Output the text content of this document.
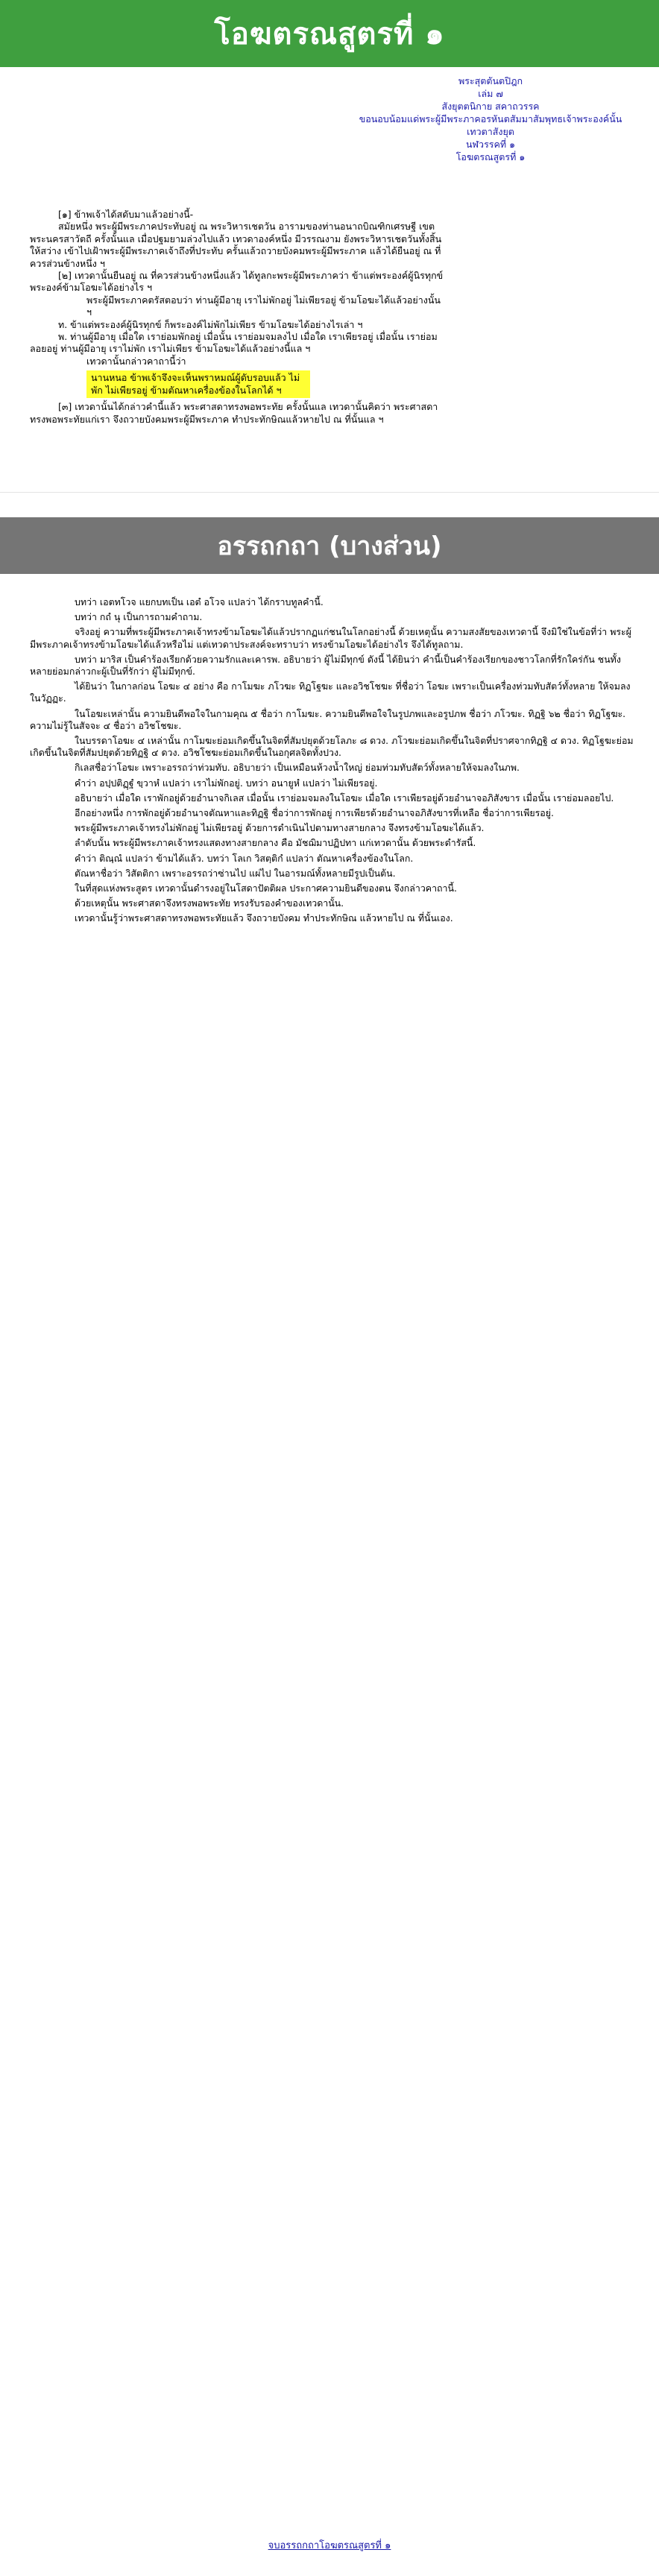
โอฆตรณสูตรที่ ๑
พระสุตตันตปิฎก
เล่ม ๗
สังยุตตนิกาย สคาถวรรค
ขอนอบน้อมแด่พระผู้มีพระภาคอรหันตสัมมาสัมพุทธเจ้าพระองค์นั้น
เทวตาสังยุต
นฬวรรคที่ ๑
โอฆตรณสูตรที่ ๑

[๑] ข้าพเจ้าได้สดับมาแล้วอย่างนี้-

สมัยหนึ่ง พระผู้มีพระภาคประทับอยู่ ณ พระวิหารเชตวัน อารามของท่านอนาถบิณฑิกเศรษฐี เขตพระนครสาวัตถี ครั้งนั้นแล เมื่อปฐมยามล่วงไปแล้ว เทวดาองค์หนึ่ง มีวรรณงาม ยังพระวิหารเชตวันทั้งสิ้นให้สว่าง เข้าไปเฝ้าพระผู้มีพระภาคเจ้าถึงที่ประทับ ครั้นแล้วถวายบังคมพระผู้มีพระภาค แล้วได้ยืนอยู่ ณ ที่ควรส่วนข้างหนึ่ง ฯ

[๒] เทวดานั้นยืนอยู่ ณ ที่ควรส่วนข้างหนึ่งแล้ว ได้ทูลกะพระผู้มีพระภาคว่า ข้าแต่พระองค์ผู้นิรทุกข์ พระองค์ข้ามโอฆะได้อย่างไร ฯ

พระผู้มีพระภาคตรัสตอบว่า ท่านผู้มีอายุ เราไม่พักอยู่ ไม่เพียรอยู่ ข้ามโอฆะได้แล้วอย่างนั้น ฯ

ท. ข้าแต่พระองค์ผู้นิรทุกข์ ก็พระองค์ไม่พักไม่เพียร ข้ามโอฆะได้อย่างไรเล่า ฯ

พ. ท่านผู้มีอายุ เมื่อใด เราย่อมพักอยู่ เมื่อนั้น เราย่อมจมลงไป เมื่อใด เราเพียรอยู่ เมื่อนั้น เราย่อมลอยอยู่ ท่านผู้มีอายุ เราไม่พัก เราไม่เพียร ข้ามโอฆะได้แล้วอย่างนี้แล ฯ

เทวดานั้นกล่าวคาถานี้ว่า

นานหนอ ข้าพเจ้าจึงจะเห็นพราหมณ์ผู้ดับรอบแล้ว ไม่พัก ไม่เพียรอยู่ ข้ามตัณหาเครื่องข้องในโลกได้ ฯ

[๓] เทวดานั้นได้กล่าวคำนี้แล้ว พระศาสดาทรงพอพระทัย ครั้งนั้นแล เทวดานั้นคิดว่า พระศาสดาทรงพอพระทัยแก่เรา จึงถวายบังคมพระผู้มีพระภาค ทำประทักษิณแล้วหายไป ณ ที่นั้นแล ฯ

อรรถกถา (บางส่วน)

บทว่า เอตทโวจ แยกบทเป็น เอตํ อโวจ แปลว่า ได้กราบทูลคำนี้.

บทว่า กถํ นุ เป็นการถามคำถาม.

จริงอยู่ ความที่พระผู้มีพระภาคเจ้าทรงข้ามโอฆะได้แล้วปรากฏแก่ชนในโลกอย่างนี้ ด้วยเหตุนั้น ความสงสัยของเทวดานี้ จึงมิใช่ในข้อที่ว่า พระผู้มีพระภาคเจ้าทรงข้ามโอฆะได้แล้วหรือไม่ แต่เทวดาประสงค์จะทราบว่า ทรงข้ามโอฆะได้อย่างไร จึงได้ทูลถาม.

บทว่า มาริส เป็นคำร้องเรียกด้วยความรักและเคารพ. อธิบายว่า ผู้ไม่มีทุกข์ ดังนี้ ได้ยินว่า คำนี้เป็นคำร้องเรียกของชาวโลกที่รักใคร่กัน ชนทั้งหลายย่อมกล่าวกะผู้เป็นที่รักว่า ผู้ไม่มีทุกข์.

ได้ยินว่า ในกาลก่อน โอฆะ ๔ อย่าง คือ กาโมฆะ ภโวฆะ ทิฏโฐฆะ และอวิชโชฆะ ที่ชื่อว่า โอฆะ เพราะเป็นเครื่องท่วมทับสัตว์ทั้งหลาย ให้จมลงในวัฏฏะ.

ในโอฆะเหล่านั้น ความยินดีพอใจในกามคุณ ๕ ชื่อว่า กาโมฆะ. ความยินดีพอใจในรูปภพและอรูปภพ ชื่อว่า ภโวฆะ. ทิฏฐิ ๖๒ ชื่อว่า ทิฏโฐฆะ. ความไม่รู้ในสัจจะ ๔ ชื่อว่า อวิชโชฆะ.

ในบรรดาโอฆะ ๔ เหล่านั้น กาโมฆะย่อมเกิดขึ้นในจิตที่สัมปยุตด้วยโลภะ ๘ ดวง. ภโวฆะย่อมเกิดขึ้นในจิตที่ปราศจากทิฏฐิ ๔ ดวง. ทิฏโฐฆะย่อมเกิดขึ้นในจิตที่สัมปยุตด้วยทิฏฐิ ๔ ดวง. อวิชโชฆะย่อมเกิดขึ้นในอกุศลจิตทั้งปวง.

กิเลสชื่อว่าโอฆะ เพราะอรรถว่าท่วมทับ. อธิบายว่า เป็นเหมือนห้วงน้ำใหญ่ ย่อมท่วมทับสัตว์ทั้งหลายให้จมลงในภพ.

คำว่า อปฺปติฏฺฐํ ขฺวาหํ แปลว่า เราไม่พักอยู่. บทว่า อนายูหํ แปลว่า ไม่เพียรอยู่.

อธิบายว่า เมื่อใด เราพักอยู่ด้วยอำนาจกิเลส เมื่อนั้น เราย่อมจมลงในโอฆะ เมื่อใด เราเพียรอยู่ด้วยอำนาจอภิสังขาร เมื่อนั้น เราย่อมลอยไป.

อีกอย่างหนึ่ง การพักอยู่ด้วยอำนาจตัณหาและทิฏฐิ ชื่อว่าการพักอยู่ การเพียรด้วยอำนาจอภิสังขารที่เหลือ ชื่อว่าการเพียรอยู่.

พระผู้มีพระภาคเจ้าทรงไม่พักอยู่ ไม่เพียรอยู่ ด้วยการดำเนินไปตามทางสายกลาง จึงทรงข้ามโอฆะได้แล้ว.

ลำดับนั้น พระผู้มีพระภาคเจ้าทรงแสดงทางสายกลาง คือ มัชฌิมาปฏิปทา แก่เทวดานั้น ด้วยพระดำรัสนี้.

คำว่า ติณฺณํ แปลว่า ข้ามได้แล้ว. บทว่า โลเก วิสตฺติกํ แปลว่า ตัณหาเครื่องข้องในโลก.

ตัณหาชื่อว่า วิสัตติกา เพราะอรรถว่าซ่านไป แผ่ไป ในอารมณ์ทั้งหลายมีรูปเป็นต้น.

ในที่สุดแห่งพระสูตร เทวดานั้นดำรงอยู่ในโสดาปัตติผล ประกาศความยินดีของตน จึงกล่าวคาถานี้.

ด้วยเหตุนั้น พระศาสดาจึงทรงพอพระทัย ทรงรับรองคำของเทวดานั้น.

เทวดานั้นรู้ว่าพระศาสดาทรงพอพระทัยแล้ว จึงถวายบังคม ทำประทักษิณ แล้วหายไป ณ ที่นั้นเอง.

จบอรรถกถาโอฆตรณสูตรที่ ๑
